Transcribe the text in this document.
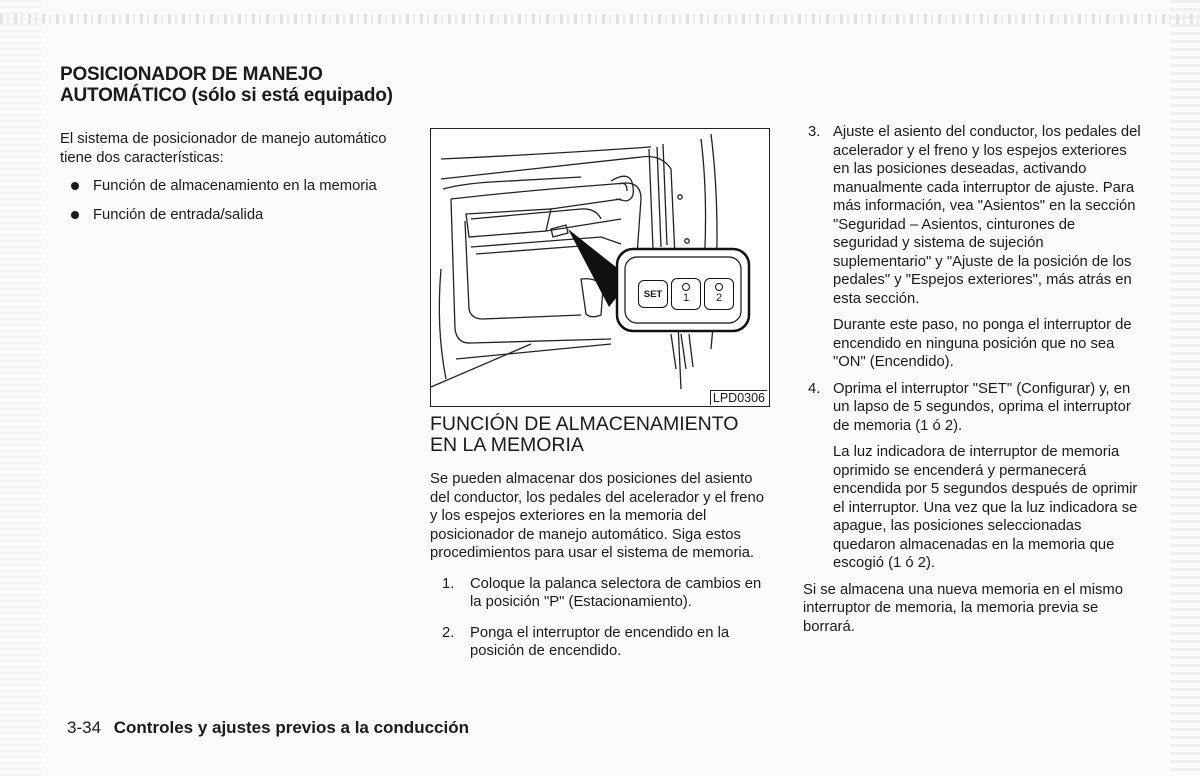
POSICIONADOR DE MANEJO
AUTOMÁTICO (sólo si está equipado)

El sistema de posicionador de manejo automático tiene dos características:

Función de almacenamiento en la memoria
Función de entrada/salida
SET	1	2
LPD0306
FUNCIÓN DE ALMACENAMIENTO
EN LA MEMORIA

Se pueden almacenar dos posiciones del asiento del conductor, los pedales del acelerador y el freno y los espejos exteriores en la memoria del posicionador de manejo automático. Siga estos procedimientos para usar el sistema de memoria.

1. Coloque la palanca selectora de cambios en la posición "P" (Estacionamiento).
2. Ponga el interruptor de encendido en la posición de encendido.
3. Ajuste el asiento del conductor, los pedales del acelerador y el freno y los espejos exteriores en las posiciones deseadas, activando manualmente cada interruptor de ajuste. Para más información, vea "Asientos" en la sección "Seguridad – Asientos, cinturones de seguridad y sistema de sujeción suplementario" y "Ajuste de la posición de los pedales" y "Espejos exteriores", más atrás en esta sección.

Durante este paso, no ponga el interruptor de encendido en ninguna posición que no sea "ON" (Encendido).

4. Oprima el interruptor "SET" (Configurar) y, en un lapso de 5 segundos, oprima el interruptor de memoria (1 ó 2).

La luz indicadora de interruptor de memoria oprimido se encenderá y permanecerá encendida por 5 segundos después de oprimir el interruptor. Una vez que la luz indicadora se apague, las posiciones seleccionadas quedaron almacenadas en la memoria que escogió (1 ó 2).

Si se almacena una nueva memoria en el mismo interruptor de memoria, la memoria previa se borrará.

3-34 Controles y ajustes previos a la conducción
